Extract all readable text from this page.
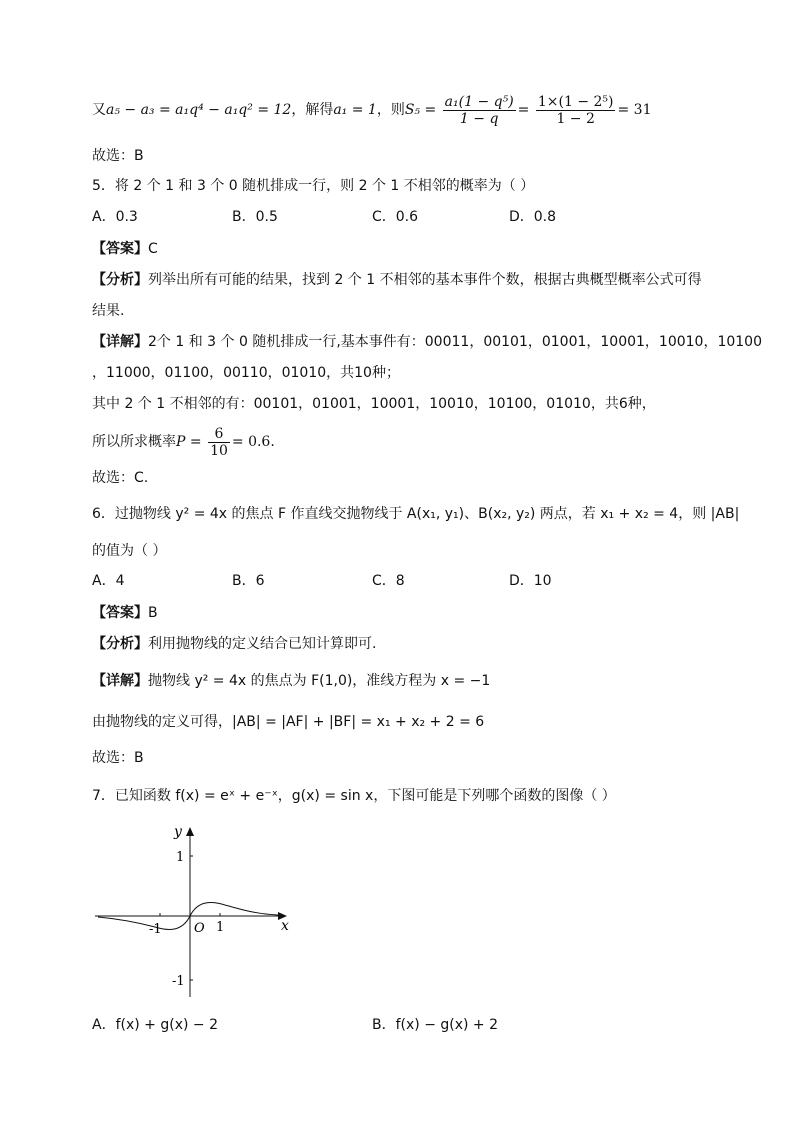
又a₅ − a₃ = a₁q⁴ − a₁q² = 12，解得a₁ = 1，则$S_5 = \frac{\text{a₁(1 − q⁵)}}{1 - q} = \frac{\text{1×(1 − 2⁵)}}{1 - 2} = 31$
故选：B
5．将 2 个 1 和 3 个 0 随机排成一行，则 2 个 1 不相邻的概率为（ ）
A．0.3	B．0.5	C．0.6	D．0.8
【答案】C
【分析】列举出所有可能的结果，找到 2 个 1 不相邻的基本事件个数，根据古典概型概率公式可得
结果.
【详解】2个 1 和 3 个 0 随机排成一行,基本事件有：00011，00101，01001，10001，10010，10100
，11000，01100，00110，01010，共10种；
其中 2 个 1 不相邻的有：00101，01001，10001，10010，10100，01010，共6种，
所以所求概率$P = \frac{6}{10} = 0.6$.
故选：C.
6．过抛物线 y² = 4x 的焦点 F 作直线交抛物线于 A(x₁, y₁)、B(x₂, y₂) 两点，若 x₁ + x₂ = 4，则 |AB|
的值为（ ）
A．4	B．6	C．8	D．10
【答案】B
【分析】利用抛物线的定义结合已知计算即可.
【详解】抛物线 y² = 4x 的焦点为 F(1,0)，准线方程为 x = −1
由抛物线的定义可得，|AB| = |AF| + |BF| = x₁ + x₂ + 2 = 6
故选：B
7．已知函数 f(x) = eˣ + e⁻ˣ，g(x) = sin x，下图可能是下列哪个函数的图像（ ）
y
x
O
-1	1
1
-1
A．f(x) + g(x) − 2	B．f(x) − g(x) + 2
